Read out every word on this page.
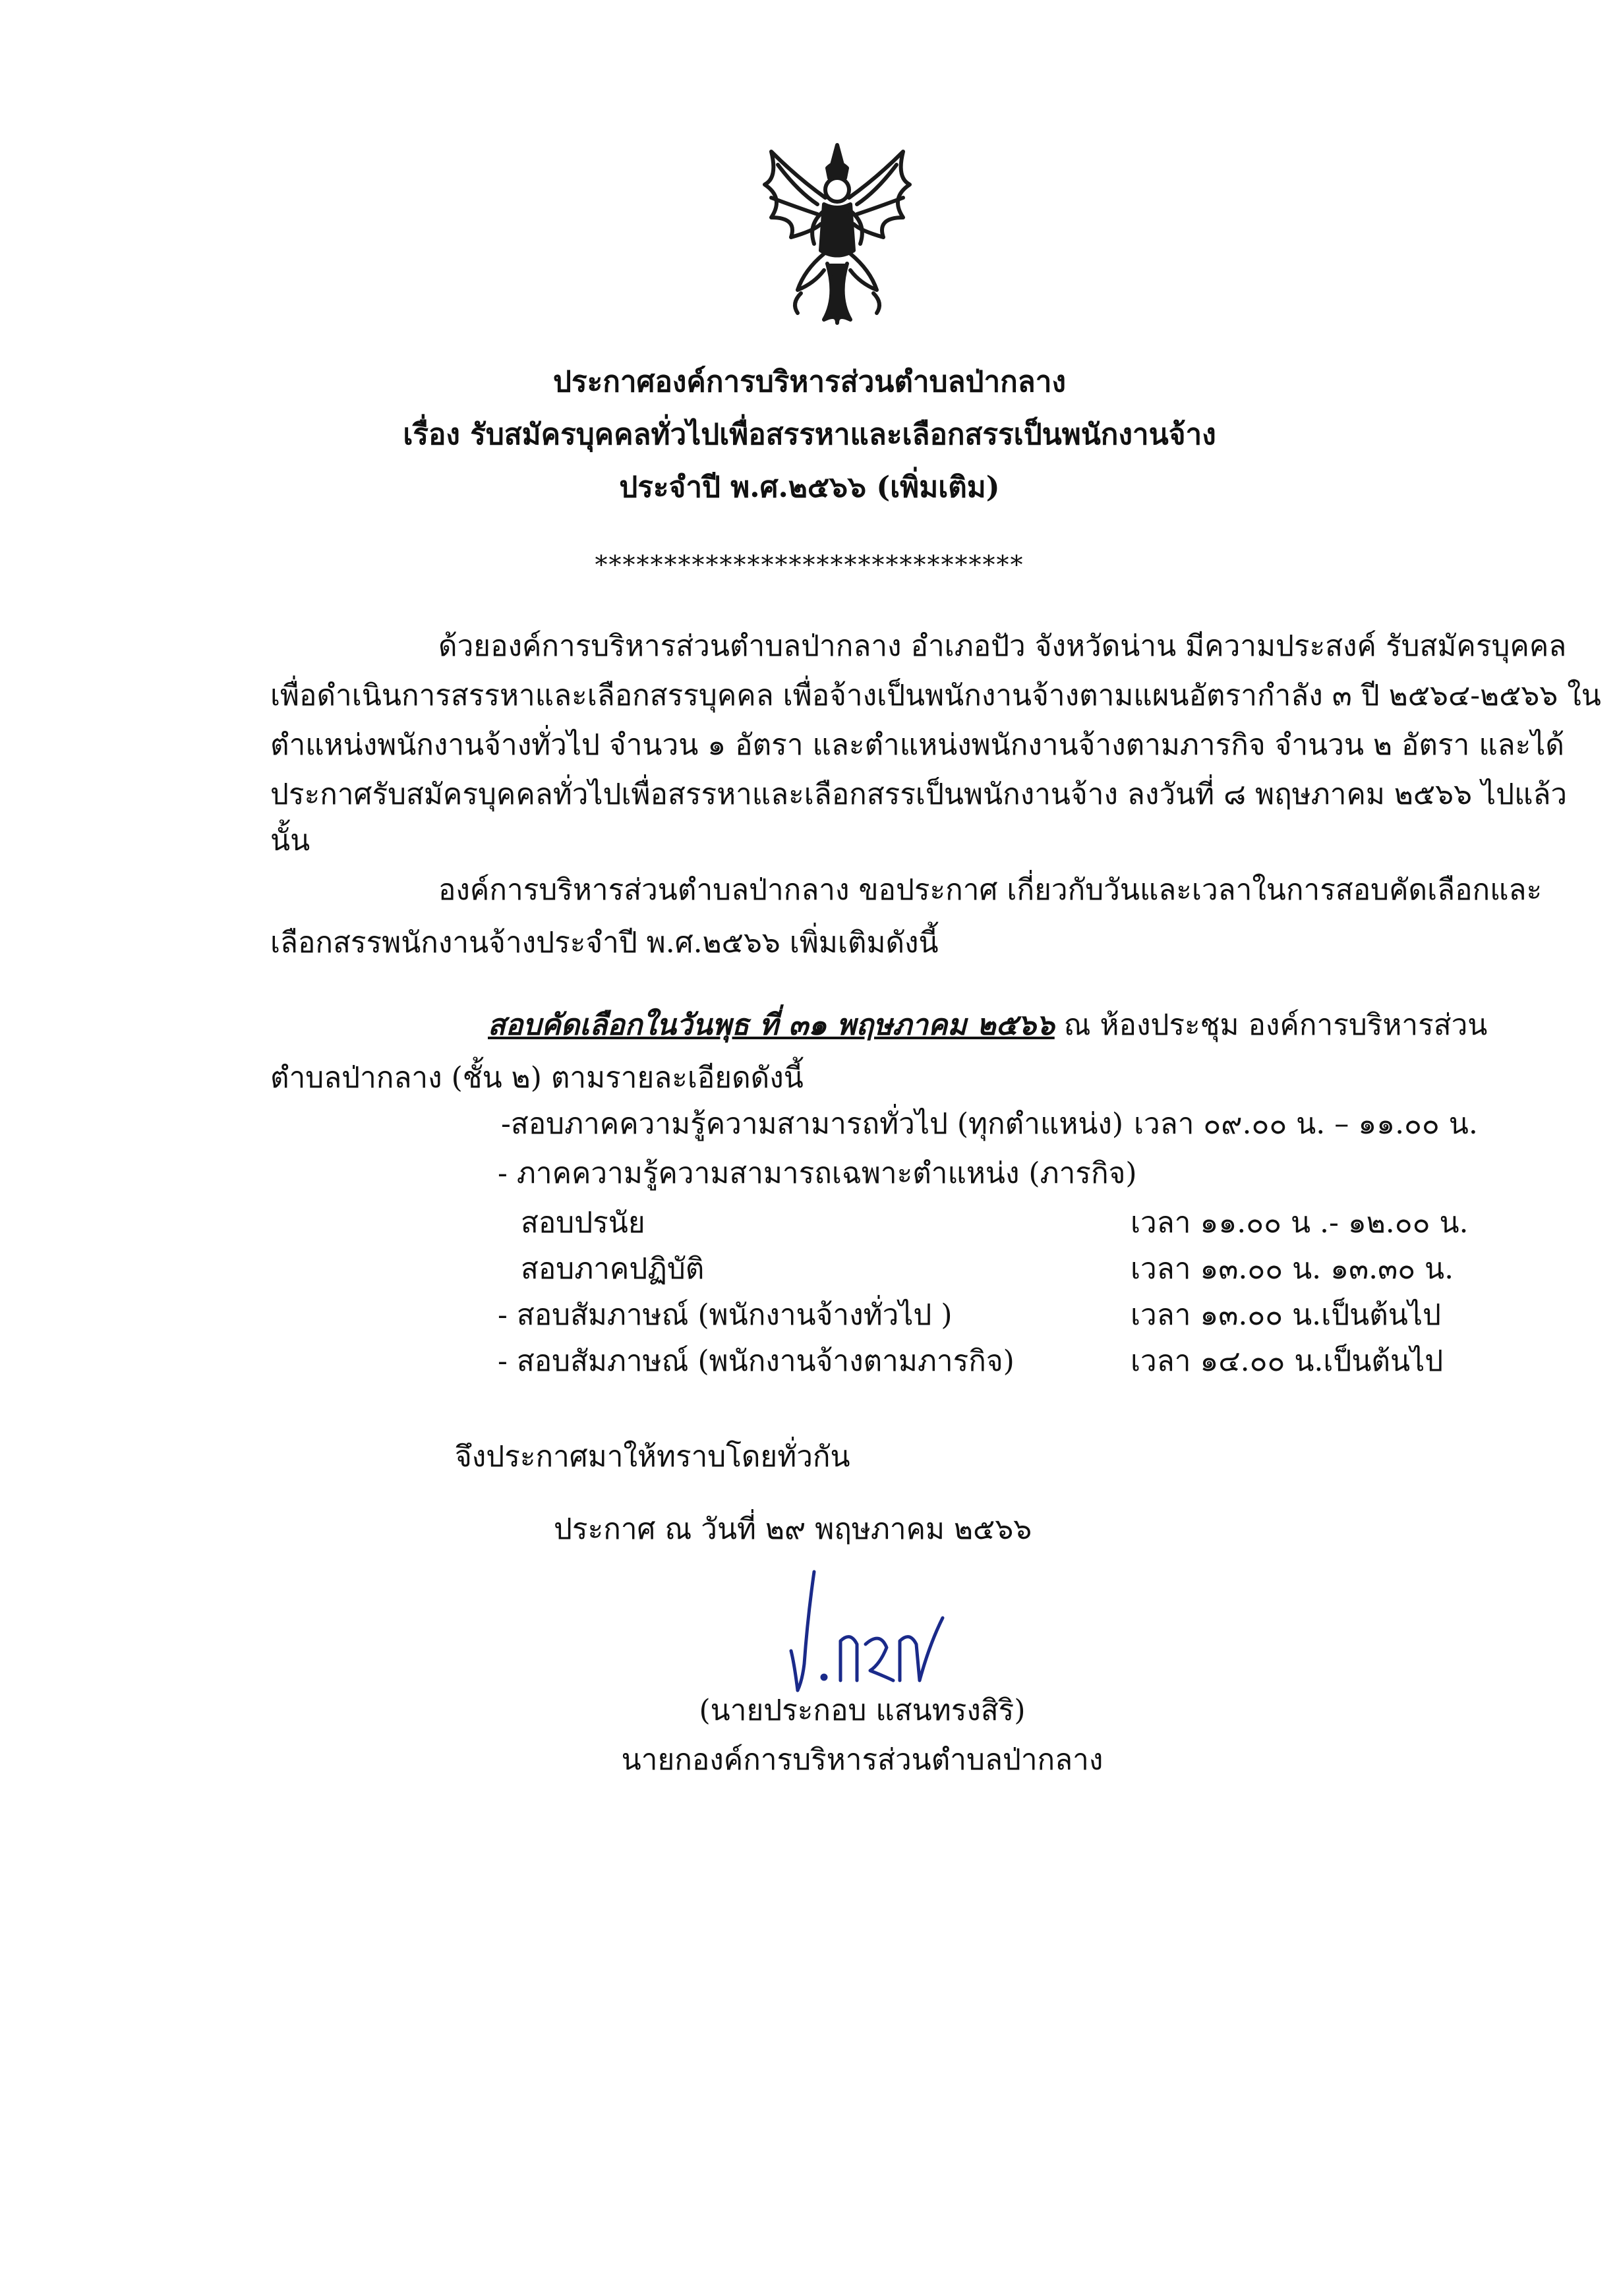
ประกาศองค์การบริหารส่วนตำบลป่ากลาง
เรื่อง รับสมัครบุคคลทั่วไปเพื่อสรรหาและเลือกสรรเป็นพนักงานจ้าง
ประจำปี พ.ศ.๒๕๖๖ (เพิ่มเติม)
*******************************
ด้วยองค์การบริหารส่วนตำบลป่ากลาง อำเภอปัว จังหวัดน่าน มีความประสงค์ รับสมัครบุคคล
เพื่อดำเนินการสรรหาและเลือกสรรบุคคล เพื่อจ้างเป็นพนักงานจ้างตามแผนอัตรากำลัง ๓ ปี ๒๕๖๔-๒๕๖๖ ใน
ตำแหน่งพนักงานจ้างทั่วไป จำนวน ๑ อัตรา และตำแหน่งพนักงานจ้างตามภารกิจ จำนวน ๒ อัตรา และได้
ประกาศรับสมัครบุคคลทั่วไปเพื่อสรรหาและเลือกสรรเป็นพนักงานจ้าง ลงวันที่ ๘ พฤษภาคม ๒๕๖๖ ไปแล้ว
นั้น
องค์การบริหารส่วนตำบลป่ากลาง ขอประกาศ เกี่ยวกับวันและเวลาในการสอบคัดเลือกและ
เลือกสรรพนักงานจ้างประจำปี พ.ศ.๒๕๖๖ เพิ่มเติมดังนี้
สอบคัดเลือกในวันพุธ ที่ ๓๑ พฤษภาคม ๒๕๖๖ ณ ห้องประชุม องค์การบริหารส่วน
ตำบลป่ากลาง (ชั้น ๒) ตามรายละเอียดดังนี้
-สอบภาคความรู้ความสามารถทั่วไป (ทุกตำแหน่ง) เวลา ๐๙.๐๐ น. – ๑๑.๐๐ น.
- ภาคความรู้ความสามารถเฉพาะตำแหน่ง (ภารกิจ)
สอบปรนัย	เวลา ๑๑.๐๐ น .- ๑๒.๐๐ น.
สอบภาคปฏิบัติ	เวลา ๑๓.๐๐ น. ๑๓.๓๐ น.
- สอบสัมภาษณ์ (พนักงานจ้างทั่วไป )	เวลา ๑๓.๐๐ น.เป็นต้นไป
- สอบสัมภาษณ์ (พนักงานจ้างตามภารกิจ)	เวลา ๑๔.๐๐ น.เป็นต้นไป
จึงประกาศมาให้ทราบโดยทั่วกัน
ประกาศ ณ วันที่ ๒๙ พฤษภาคม ๒๕๖๖
(นายประกอบ แสนทรงสิริ)
นายกองค์การบริหารส่วนตำบลป่ากลาง
